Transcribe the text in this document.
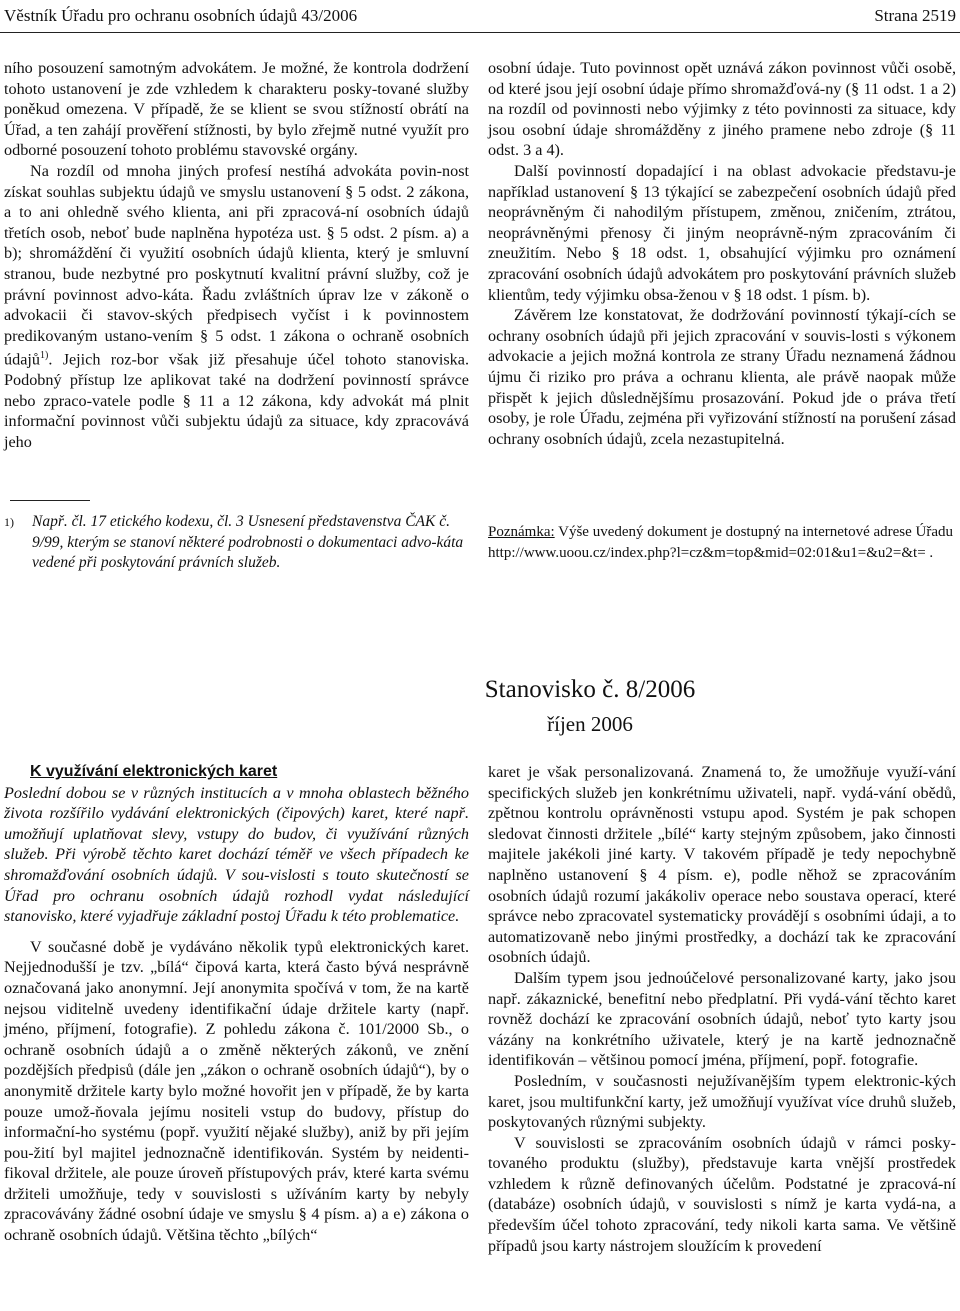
Věstník Úřadu pro ochranu osobních údajů 43/2006	Strana 2519

ního posouzení samotným advokátem. Je možné, že kontrola dodržení tohoto ustanovení je zde vzhledem k charakteru posky-tované služby poněkud omezena. V případě, že se klient se svou stížností obrátí na Úřad, a ten zahájí prověření stížnosti, by bylo zřejmě nutné využít pro odborné posouzení tohoto problému stavovské orgány.

Na rozdíl od mnoha jiných profesí nestíhá advokáta povin-nost získat souhlas subjektu údajů ve smyslu ustanovení § 5 odst. 2 zákona, a to ani ohledně svého klienta, ani při zpracová-ní osobních údajů třetích osob, neboť bude naplněna hypotéza ust. § 5 odst. 2 písm. a) a b); shromáždění či využití osobních údajů klienta, který je smluvní stranou, bude nezbytné pro poskytnutí kvalitní právní služby, což je právní povinnost advo-káta. Řadu zvláštních úprav lze v zákoně o advokacii či stavov-ských předpisech vyčíst i k povinnostem predikovaným ustano-vením § 5 odst. 1 zákona o ochraně osobních údajů$^{1)}$. Jejich roz-bor však již přesahuje účel tohoto stanoviska. Podobný přístup lze aplikovat také na dodržení povinností správce nebo zpraco-vatele podle § 11 a 12 zákona, kdy advokát má plnit informační povinnost vůči subjektu údajů za situace, kdy zpracovává jeho

1) Např. čl. 17 etického kodexu, čl. 3 Usnesení představenstva ČAK č. 9/99, kterým se stanoví některé podrobnosti o dokumentaci advo-káta vedené při poskytování právních služeb.

osobní údaje. Tuto povinnost opět uznává zákon povinnost vůči osobě, od které jsou její osobní údaje přímo shromažďová-ny (§ 11 odst. 1 a 2) na rozdíl od povinnosti nebo výjimky z této povinnosti za situace, kdy jsou osobní údaje shromážděny z jiného pramene nebo zdroje (§ 11 odst. 3 a 4).

Další povinností dopadající i na oblast advokacie představu-je například ustanovení § 13 týkající se zabezpečení osobních údajů před neoprávněným či nahodilým přístupem, změnou, zničením, ztrátou, neoprávněnými přenosy či jiným neoprávně-ným zpracováním či zneužitím. Nebo § 18 odst. 1, obsahující výjimku pro oznámení zpracování osobních údajů advokátem pro poskytování právních služeb klientům, tedy výjimku obsa-ženou v § 18 odst. 1 písm. b).

Závěrem lze konstatovat, že dodržování povinností týkají-cích se ochrany osobních údajů při jejich zpracování v souvis-losti s výkonem advokacie a jejich možná kontrola ze strany Úřadu neznamená žádnou újmu či riziko pro práva a ochranu klienta, ale právě naopak může přispět k jejich důslednějšímu prosazování. Pokud jde o práva třetí osoby, je role Úřadu, zejména při vyřizování stížností na porušení zásad ochrany osobních údajů, zcela nezastupitelná.

Poznámka: Výše uvedený dokument je dostupný na internetové adrese Úřadu http://www.uoou.cz/index.php?l=cz&m=top&mid=02:01&u1=&u2=&t= .
Stanovisko č. 8/2006
říjen 2006

K využívání elektronických karet

Poslední dobou se v různých institucích a v mnoha oblastech běžného života rozšířilo vydávání elektronických (čipových) karet, které např. umožňují uplatňovat slevy, vstupy do budov, či využívání různých služeb. Při výrobě těchto karet dochází téměř ve všech případech ke shromažďování osobních údajů. V sou-vislosti s touto skutečností se Úřad pro ochranu osobních údajů rozhodl vydat následující stanovisko, které vyjadřuje základní postoj Úřadu k této problematice.

V současné době je vydáváno několik typů elektronických karet. Nejjednodušší je tzv. „bílá“ čipová karta, která často bývá nesprávně označovaná jako anonymní. Její anonymita spočívá v tom, že na kartě nejsou viditelně uvedeny identifikační údaje držitele karty (např. jméno, příjmení, fotografie). Z pohledu zákona č. 101/2000 Sb., o ochraně osobních údajů a o změně některých zákonů, ve znění pozdějších předpisů (dále jen „zákon o ochraně osobních údajů“), by o anonymitě držitele karty bylo možné hovořit jen v případě, že by karta pouze umož-ňovala jejímu nositeli vstup do budovy, přístup do informační-ho systému (popř. využití nějaké služby), aniž by při jejím pou-žití byl majitel jednoznačně identifikován. Systém by neidenti-fikoval držitele, ale pouze úroveň přístupových práv, které karta svému držiteli umožňuje, tedy v souvislosti s užíváním karty by nebyly zpracovávány žádné osobní údaje ve smyslu § 4 písm. a) a e) zákona o ochraně osobních údajů. Většina těchto „bílých“

karet je však personalizovaná. Znamená to, že umožňuje využí-vání specifických služeb jen konkrétnímu uživateli, např. vydá-vání obědů, zpětnou kontrolu oprávněnosti vstupu apod. Systém je pak schopen sledovat činnosti držitele „bílé“ karty stejným způsobem, jako činnosti majitele jakékoli jiné karty. V takovém případě je tedy nepochybně naplněno ustanovení § 4 písm. e), podle něhož se zpracováním osobních údajů rozumí jakákoliv operace nebo soustava operací, které správce nebo zpracovatel systematicky provádějí s osobními údaji, a to automatizovaně nebo jinými prostředky, a dochází tak ke zpracování osobních údajů.

Dalším typem jsou jednoúčelové personalizované karty, jako jsou např. zákaznické, benefitní nebo předplatní. Při vydá-vání těchto karet rovněž dochází ke zpracování osobních údajů, neboť tyto karty jsou vázány na konkrétního uživatele, který je na kartě jednoznačně identifikován – většinou pomocí jména, příjmení, popř. fotografie.

Posledním, v současnosti nejužívanějším typem elektronic-kých karet, jsou multifunkční karty, jež umožňují využívat více druhů služeb, poskytovaných různými subjekty.

V souvislosti se zpracováním osobních údajů v rámci posky-tovaného produktu (služby), představuje karta vnější prostředek vzhledem k různě definovaných účelům. Podstatné je zpracová-ní (databáze) osobních údajů, v souvislosti s nímž je karta vydá-na, a především účel tohoto zpracování, tedy nikoli karta sama. Ve většině případů jsou karty nástrojem sloužícím k provedení
